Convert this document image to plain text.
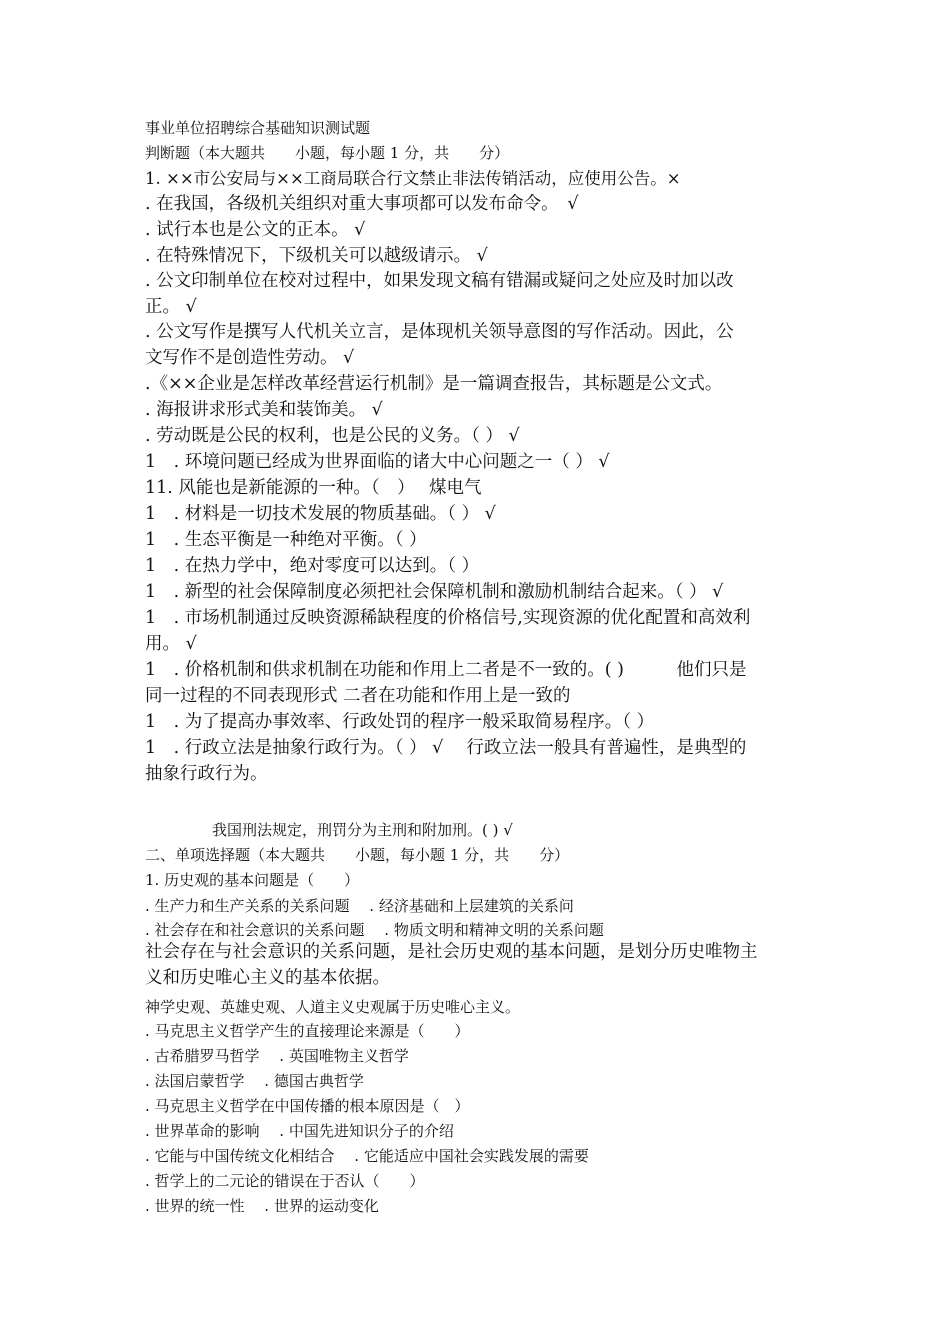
事业单位招聘综合基础知识测试题
判断题（本大题共　　小题，每小题 1 分，共　　分）
1. ××市公安局与××工商局联合行文禁止非法传销活动，应使用公告。×
. 在我国，各级机关组织对重大事项都可以发布命令。　√
. 试行本也是公文的正本。 √
. 在特殊情况下，下级机关可以越级请示。 √
. 公文印制单位在校对过程中，如果发现文稿有错漏或疑问之处应及时加以改
正。 √
. 公文写作是撰写人代机关立言，是体现机关领导意图的写作活动。因此，公
文写作不是创造性劳动。 √
.《××企业是怎样改革经营运行机制》是一篇调查报告，其标题是公文式。
. 海报讲求形式美和装饰美。 √
. 劳动既是公民的权利，也是公民的义务。（ ） √
1　. 环境问题已经成为世界面临的诸大中心问题之一（ ） √
11. 风能也是新能源的一种。（　）　 煤电气
1　. 材料是一切技术发展的物质基础。（ ） √
1　. 生态平衡是一种绝对平衡。（ ）
1　. 在热力学中，绝对零度可以达到。（ ）
1　. 新型的社会保障制度必须把社会保障机制和激励机制结合起来。（ ） √
1　. 市场机制通过反映资源稀缺程度的价格信号,实现资源的优化配置和高效利
用。 √
1　. 价格机制和供求机制在功能和作用上二者是不一致的。( )　　　他们只是
同一过程的不同表现形式 二者在功能和作用上是一致的
1　. 为了提高办事效率、行政处罚的程序一般采取简易程序。（ ）
1　. 行政立法是抽象行政行为。（ ） √　 行政立法一般具有普遍性，是典型的
抽象行政行为。
我国刑法规定，刑罚分为主刑和附加刑。( ) √
二、单项选择题（本大题共　　小题，每小题 1 分，共　　分）
1. 历史观的基本问题是（　　）
. 生产力和生产关系的关系问题　 . 经济基础和上层建筑的关系问
. 社会存在和社会意识的关系问题　 . 物质文明和精神文明的关系问题
社会存在与社会意识的关系问题，是社会历史观的基本问题，是划分历史唯物主
义和历史唯心主义的基本依据。
神学史观、英雄史观、人道主义史观属于历史唯心主义。
. 马克思主义哲学产生的直接理论来源是（　　）
. 古希腊罗马哲学　 . 英国唯物主义哲学
. 法国启蒙哲学　 . 德国古典哲学
. 马克思主义哲学在中国传播的根本原因是（　）
. 世界革命的影响　 . 中国先进知识分子的介绍
. 它能与中国传统文化相结合　 . 它能适应中国社会实践发展的需要
. 哲学上的二元论的错误在于否认（　　）
. 世界的统一性　 . 世界的运动变化
